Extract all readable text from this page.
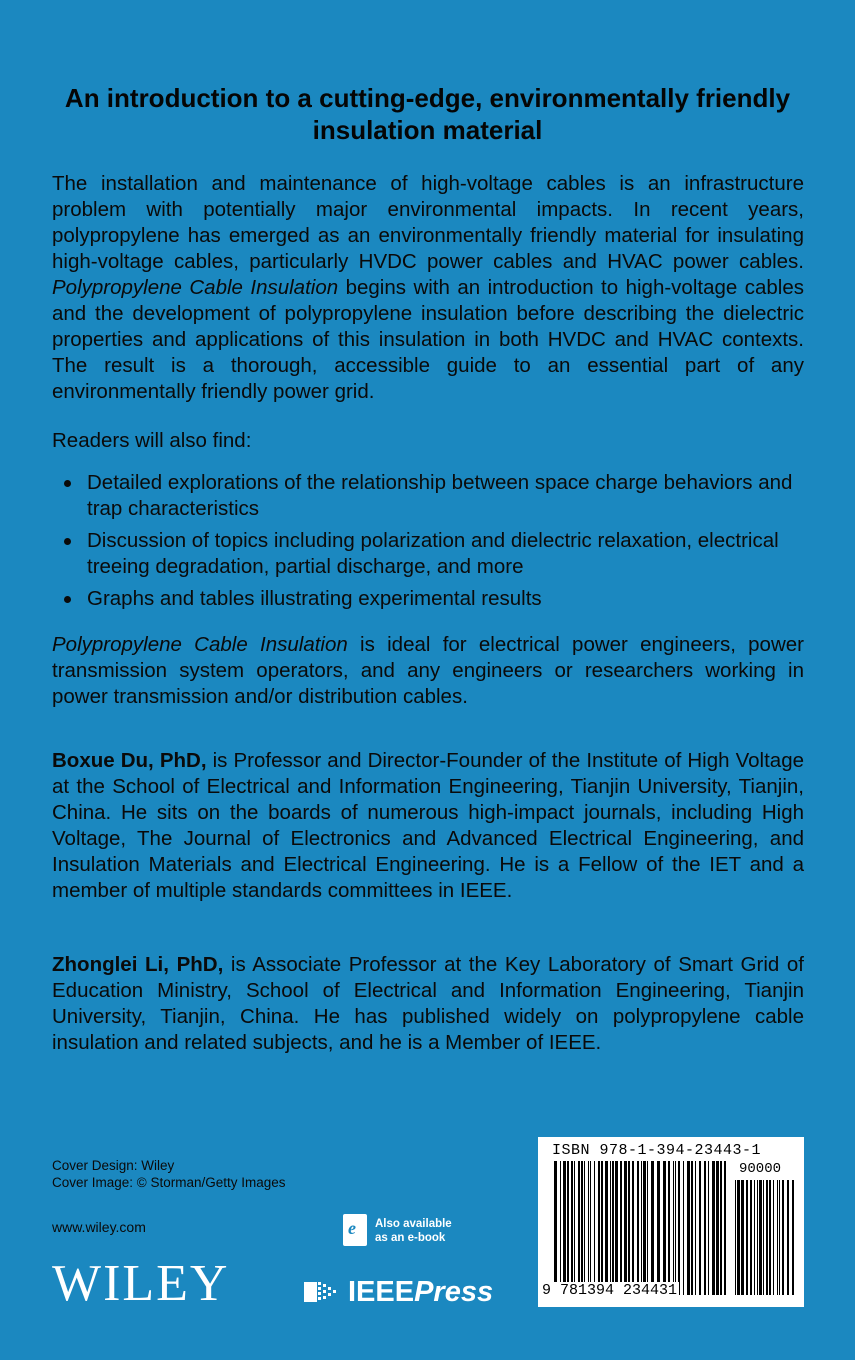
An introduction to a cutting-edge, environmentally friendly insulation material
The installation and maintenance of high-voltage cables is an infrastructure problem with potentially major environmental impacts. In recent years, polypropylene has emerged as an environmentally friendly material for insulating high-voltage cables, particularly HVDC power cables and HVAC power cables. Polypropylene Cable Insulation begins with an introduction to high-voltage cables and the development of polypropylene insulation before describing the dielectric properties and applications of this insulation in both HVDC and HVAC contexts. The result is a thorough, accessible guide to an essential part of any environmentally friendly power grid.
Readers will also find:
Detailed explorations of the relationship between space charge behaviors and trap characteristics
Discussion of topics including polarization and dielectric relaxation, electrical treeing degradation, partial discharge, and more
Graphs and tables illustrating experimental results
Polypropylene Cable Insulation is ideal for electrical power engineers, power transmission system operators, and any engineers or researchers working in power transmission and/or distribution cables.
Boxue Du, PhD, is Professor and Director-Founder of the Institute of High Voltage at the School of Electrical and Information Engineering, Tianjin University, Tianjin, China. He sits on the boards of numerous high-impact journals, including High Voltage, The Journal of Electronics and Advanced Electrical Engineering, and Insulation Materials and Electrical Engineering. He is a Fellow of the IET and a member of multiple standards committees in IEEE.
Zhonglei Li, PhD, is Associate Professor at the Key Laboratory of Smart Grid of Education Ministry, School of Electrical and Information Engineering, Tianjin University, Tianjin, China. He has published widely on polypropylene cable insulation and related subjects, and he is a Member of IEEE.
Cover Design: Wiley
Cover Image: © Storman/Getty Images
www.wiley.com
WILEY
e Also available
as an e-book
IEEEPress
ISBN 978-1-394-23443-1
90000
9 781394 234431
